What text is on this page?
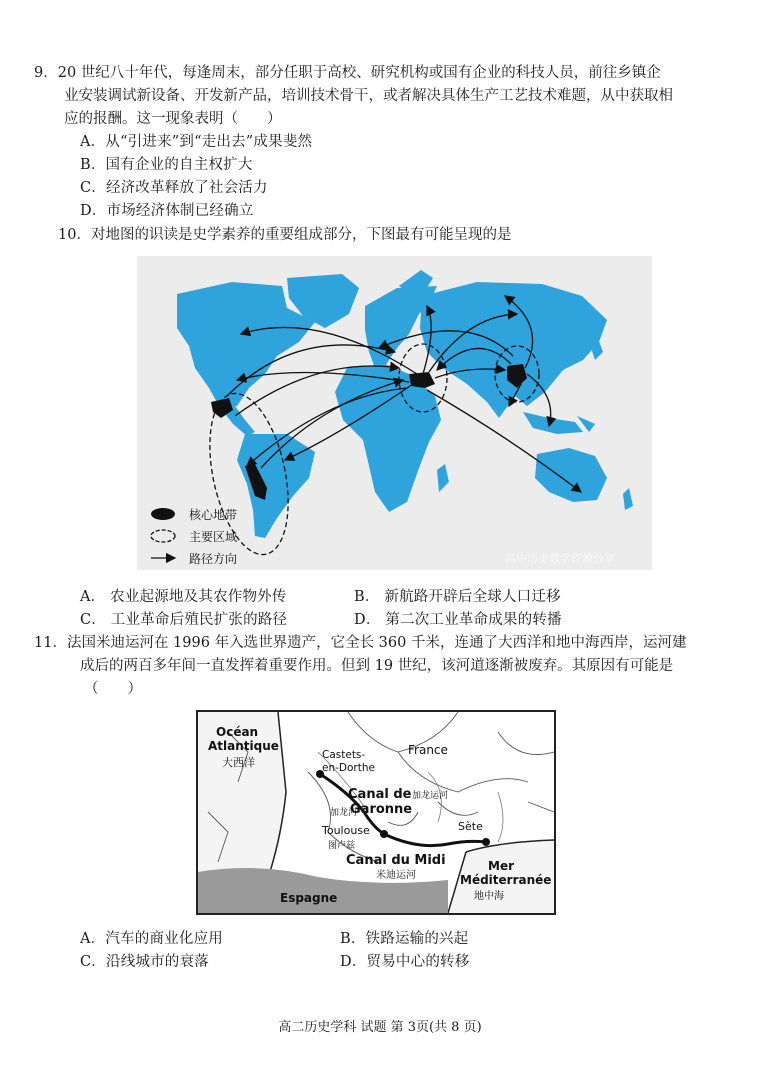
9．20 世纪八十年代，每逢周末，部分任职于高校、研究机构或国有企业的科技人员，前往乡镇企
业安装调试新设备、开发新产品，培训技术骨干，或者解决具体生产工艺技术难题，从中获取相
应的报酬。这一现象表明（　　）
A．从“引进来”到“走出去”成果斐然
B．国有企业的自主权扩大
C．经济改革释放了社会活力
D．市场经济体制已经确立
10．对地图的识读是史学素养的重要组成部分，下图最有可能呈现的是
核心地带
主要区域
路径方向	高中历史教学资源分享
A． 农业起源地及其农作物外传	B． 新航路开辟后全球人口迁移
C． 工业革命后殖民扩张的路径	D． 第二次工业革命成果的转播
11．法国米迪运河在 1996 年入选世界遗产，它全长 360 千米，连通了大西洋和地中海西岸，运河建
成后的两百多年间一直发挥着重要作用。但到 19 世纪，该河道逐渐被废弃。其原因有可能是
（　　）
Océan
Atlantique
大西洋
Castets-
en-Dorthe
France
Canal de
Garonne
加龙运河
加龙河
Toulouse
图卢兹
Sète
Canal du Midi
米迪运河
Mer
Méditerranée
地中海
Espagne
A．汽车的商业化应用	B．铁路运输的兴起
C．沿线城市的衰落	D．贸易中心的转移
高二历史学科 试题 第 3页(共 8 页)
